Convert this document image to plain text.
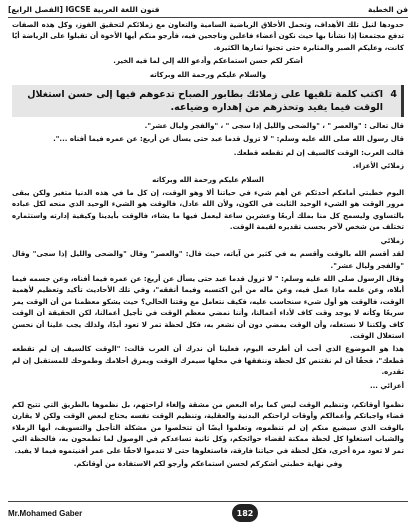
فن الخطبة
فنون اللغة العربية IGCSE [الفصل الرابع]

حدودها لنيل تلك الأهداف، وتحمل الأخلاق الرياضية السامية والتعاون مع زملائكم لتحقيق الفوز، وكل هذه الصفات تدفع مجتمعنا إذا نشأنا بها حيث نكون أعضاء فاعلين وناجحين فيه، فأرجو منكم أيها الأخوة أن تقبلوا على الرياضة أيًا كانت، وعليكم الصبر والمثابرة حتى تجنوا ثمارها الكثيرة.

أشكر لكم حسن استماعكم وأدعو الله إلي لما فيه الخير.

والسلام عليكم ورحمة الله وبركاته

4
اكتب كلمة تلقيها على زملائك بطابور الصباح تدعوهم فيها إلى حسن استغلال الوقت فيما يفيد وتحذرهم من إهداره وضياعه.

قال تعالى : "والعصر " ، "والضحى والليل إذا سجى " ، "والفجر وليال عشر".

قال رسول الله صلى الله عليه وسلم: " لا تزول قدما عبد حتى يسأل عن أربع: عن عمره فيما أفناه ...".

قالت العرب: الوقت كالسيف إن لم تقطعه قطعك.

زملائي الأعزاء.

السلام عليكم ورحمة الله وبركاته

اليوم خطبتي أمامكم أحدثكم عن أهم شيء في حياتنا ألا وهو الوقت، إن كل ما في هذه الدنيا متغير ولكن يبقى مرور الوقت هو الشيء الوحيد الثابت في الكون، ولأن الله عادل، فالوقت هو الشيء الوحيد الذي منحه لكل عباده بالتساوي وليسمح كل منا بملك أربعًا وعشرين ساعة ليعمل فيها ما يشاء، فالوقت بأيدينا وكيفية إدارته واستثماره تختلف من شخص لآخر بحسب تقديره لقيمة الوقت.

زملائي

لقد أقسم الله بالوقت وأقسم به في كثير من آياته، حيث قال: "والعصر" وقال "والضحى والليل إذا سجى" وقال "والفجر وليال عشر".

وقال الرسول صلى الله عليه وسلم: " لا تزول قدما عبد حتى يسأل عن أربع: عن عمره فيما أفناه، وعن جسمه فيما أبلاه، وعن علمه ماذا عمل فيه، وعن ماله من أين اكتسبه وفيما أنفقه"، وفي تلك الأحاديث تأكيد وتعظيم لأهمية الوقت، فالوقت هو أول شيء سنحاسب عليه، فكيف نتعامل مع وقتنا الحالي؟ حيث يشكو معظمنا من أن الوقت يمر سريعًا وكأنه لا يوجد وقت كاف لأداء أعمالنا، وأننا نمضي معظم الوقت في تأجيل أعمالنا، لكن الحقيقة أن الوقت كاف ولكننا لا نستغله، وأن الوقت يمضي دون أن نشعر به، فكل لحظة تمر لا تعود أبدًا، ولذلك يجب علينا أن نحسن استغلال الوقت.

هذا هو الموضوع الذي أحب أن أطرحه اليوم، فعلينا أن ندرك أن العرب قالت: "الوقت كالسيف إن لم تقطعه قطعك"، فحقًا أن لم نقتنص كل لحظة وننفقها في محلها سيمرك الوقت ويمزق أحلامك وطموحك للمستقبل إن لم تقدره.

أعزائي ...

نظموا أوقاتكم، وتنظيم الوقت ليس كما يراه البعض من مشقة وإلغاء لراحتهم، بل نظموها بالطريق التي تتيح لكم قضاء واجباتكم وأعمالكم وأوقات لراحتكم البدنية والعقلية، وتنظيم الوقت نفسه يحتاج لبعض الوقت ولكن لا يقارن بالوقت الذي سيضيع منكم إن لم تنظموه، وتعلموا أيضًا أن تتخلصوا من مشكلة التأجيل والتسويف، أيها الزملاء والشباب استغلوا كل لحظة ممكنة لقضاء حوائجكم، وكل ثانية تساعدكم في الوصول لما تطمحون به، فالحظة التي تمر لا تعود مرة أخرى، فكل لحظة في حياتنا فارقة، فاستغلوها حتى لا تندموا لاحقًا على عمر أفنيتموه فيما لا يفيد.

وفي نهاية خطبتي أشكركم لحسن استماعكم وأرجو لكم الاستفادة من أوقاتكم.

Mr.Mohamed Gaber	182
